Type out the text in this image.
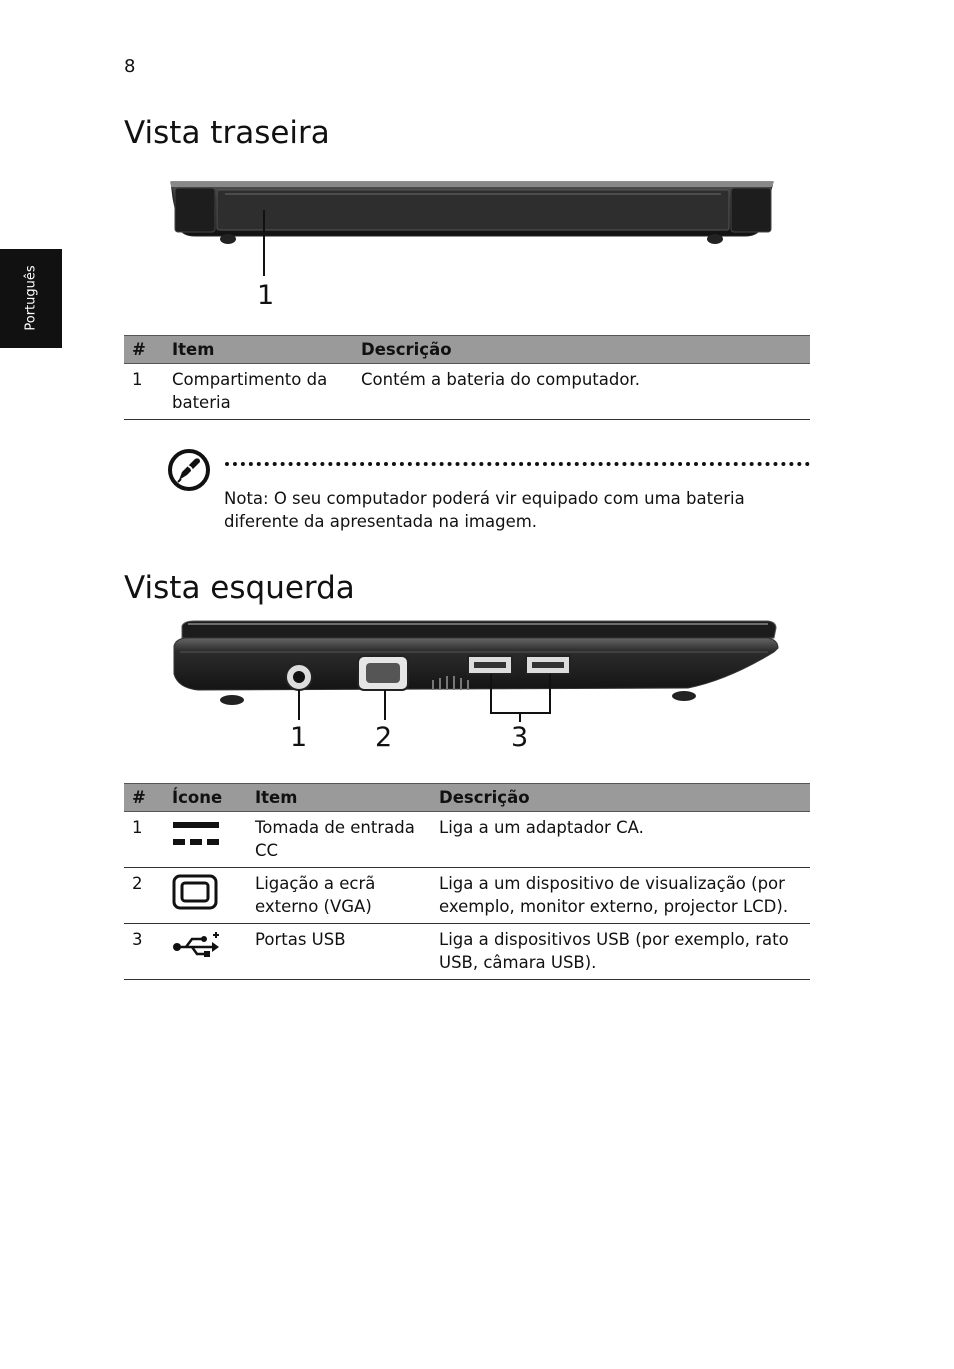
8
Português
Vista traseira
1
#	Item	Descrição
1	Compartimento da bateria	Contém a bateria do computador.
Nota: O seu computador poderá vir equipado com uma bateria diferente da apresentada na imagem.
Vista esquerda
1	2	3
#	Ícone	Item	Descrição
1		Tomada de entrada CC	Liga a um adaptador CA.
2		Ligação a ecrã externo (VGA)	Liga a um dispositivo de visualização (por exemplo, monitor externo, projector LCD).
3		Portas USB	Liga a dispositivos USB (por exemplo, rato USB, câmara USB).
